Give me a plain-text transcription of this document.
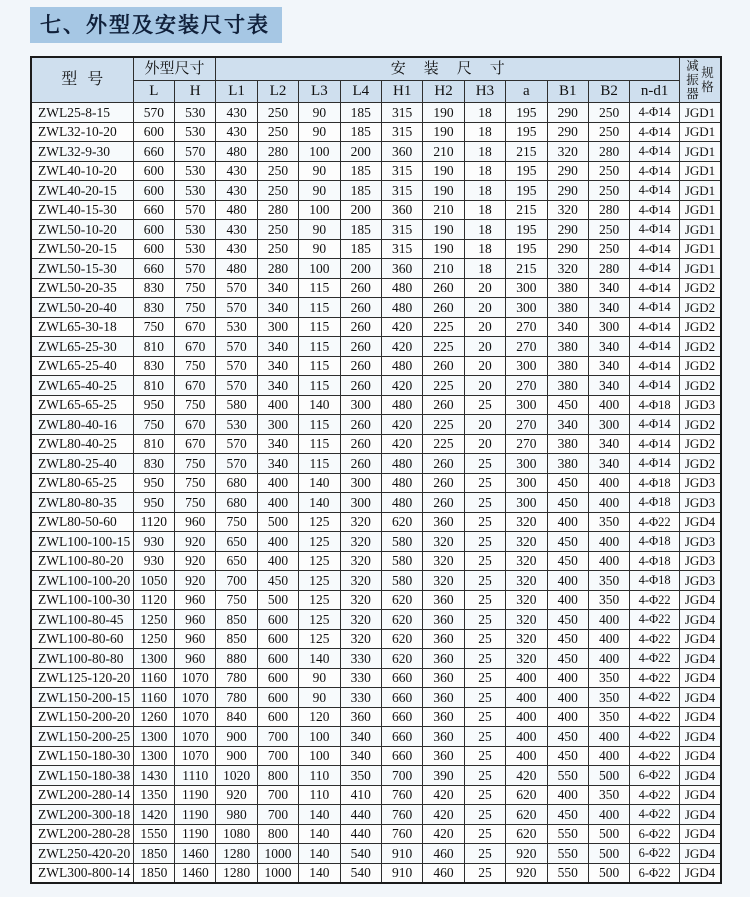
七、外型及安装尺寸表
型号	外型尺寸		安装尺寸											减振器
规格

	L	H	L1	L2	L3	L4	H1	H2	H3	a	B1	B2	n-d1	
ZWL25-8-15	570	530	430	250	90	185	315	190	18	195	290	250	4-Φ14	JGD1
ZWL32-10-20	600	530	430	250	90	185	315	190	18	195	290	250	4-Φ14	JGD1
ZWL32-9-30	660	570	480	280	100	200	360	210	18	215	320	280	4-Φ14	JGD1
ZWL40-10-20	600	530	430	250	90	185	315	190	18	195	290	250	4-Φ14	JGD1
ZWL40-20-15	600	530	430	250	90	185	315	190	18	195	290	250	4-Φ14	JGD1
ZWL40-15-30	660	570	480	280	100	200	360	210	18	215	320	280	4-Φ14	JGD1
ZWL50-10-20	600	530	430	250	90	185	315	190	18	195	290	250	4-Φ14	JGD1
ZWL50-20-15	600	530	430	250	90	185	315	190	18	195	290	250	4-Φ14	JGD1
ZWL50-15-30	660	570	480	280	100	200	360	210	18	215	320	280	4-Φ14	JGD1
ZWL50-20-35	830	750	570	340	115	260	480	260	20	300	380	340	4-Φ14	JGD2
ZWL50-20-40	830	750	570	340	115	260	480	260	20	300	380	340	4-Φ14	JGD2
ZWL65-30-18	750	670	530	300	115	260	420	225	20	270	340	300	4-Φ14	JGD2
ZWL65-25-30	810	670	570	340	115	260	420	225	20	270	380	340	4-Φ14	JGD2
ZWL65-25-40	830	750	570	340	115	260	480	260	20	300	380	340	4-Φ14	JGD2
ZWL65-40-25	810	670	570	340	115	260	420	225	20	270	380	340	4-Φ14	JGD2
ZWL65-65-25	950	750	580	400	140	300	480	260	25	300	450	400	4-Φ18	JGD3
ZWL80-40-16	750	670	530	300	115	260	420	225	20	270	340	300	4-Φ14	JGD2
ZWL80-40-25	810	670	570	340	115	260	420	225	20	270	380	340	4-Φ14	JGD2
ZWL80-25-40	830	750	570	340	115	260	480	260	25	300	380	340	4-Φ14	JGD2
ZWL80-65-25	950	750	680	400	140	300	480	260	25	300	450	400	4-Φ18	JGD3
ZWL80-80-35	950	750	680	400	140	300	480	260	25	300	450	400	4-Φ18	JGD3
ZWL80-50-60	1120	960	750	500	125	320	620	360	25	320	400	350	4-Φ22	JGD4
ZWL100-100-15	930	920	650	400	125	320	580	320	25	320	450	400	4-Φ18	JGD3
ZWL100-80-20	930	920	650	400	125	320	580	320	25	320	450	400	4-Φ18	JGD3
ZWL100-100-20	1050	920	700	450	125	320	580	320	25	320	400	350	4-Φ18	JGD3
ZWL100-100-30	1120	960	750	500	125	320	620	360	25	320	400	350	4-Φ22	JGD4
ZWL100-80-45	1250	960	850	600	125	320	620	360	25	320	450	400	4-Φ22	JGD4
ZWL100-80-60	1250	960	850	600	125	320	620	360	25	320	450	400	4-Φ22	JGD4
ZWL100-80-80	1300	960	880	600	140	330	620	360	25	320	450	400	4-Φ22	JGD4
ZWL125-120-20	1160	1070	780	600	90	330	660	360	25	400	400	350	4-Φ22	JGD4
ZWL150-200-15	1160	1070	780	600	90	330	660	360	25	400	400	350	4-Φ22	JGD4
ZWL150-200-20	1260	1070	840	600	120	360	660	360	25	400	400	350	4-Φ22	JGD4
ZWL150-200-25	1300	1070	900	700	100	340	660	360	25	400	450	400	4-Φ22	JGD4
ZWL150-180-30	1300	1070	900	700	100	340	660	360	25	400	450	400	4-Φ22	JGD4
ZWL150-180-38	1430	1110	1020	800	110	350	700	390	25	420	550	500	6-Φ22	JGD4
ZWL200-280-14	1350	1190	920	700	110	410	760	420	25	620	400	350	4-Φ22	JGD4
ZWL200-300-18	1420	1190	980	700	140	440	760	420	25	620	450	400	4-Φ22	JGD4
ZWL200-280-28	1550	1190	1080	800	140	440	760	420	25	620	550	500	6-Φ22	JGD4
ZWL250-420-20	1850	1460	1280	1000	140	540	910	460	25	920	550	500	6-Φ22	JGD4
ZWL300-800-14	1850	1460	1280	1000	140	540	910	460	25	920	550	500	6-Φ22	JGD4
